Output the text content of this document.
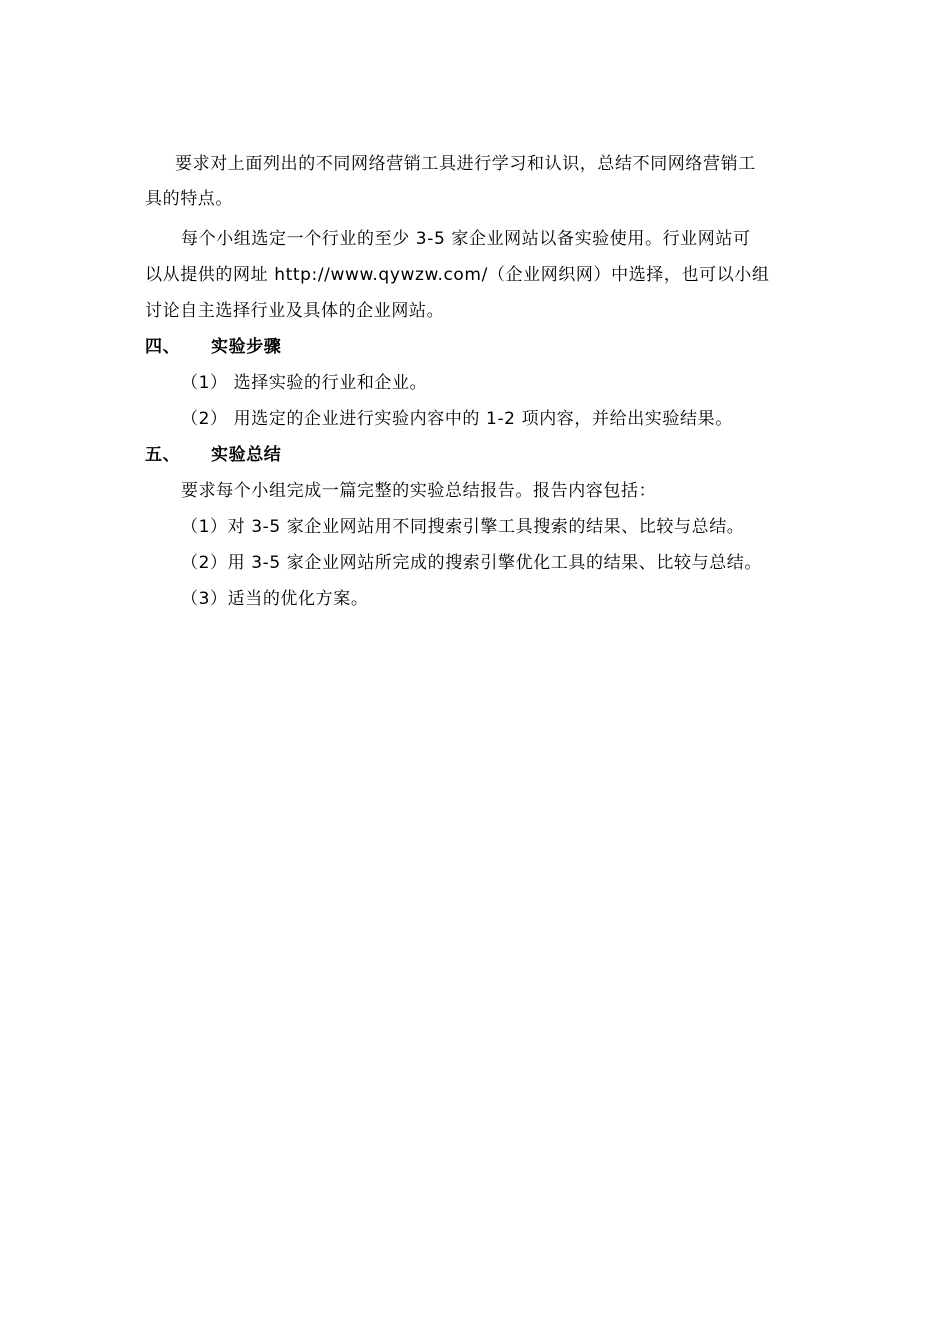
要求对上面列出的不同网络营销工具进行学习和认识，总结不同网络营销工
具的特点。
每个小组选定一个行业的至少 3-5 家企业网站以备实验使用。行业网站可
以从提供的网址 http://www.qywzw.com/（企业网织网）中选择，也可以小组
讨论自主选择行业及具体的企业网站。
四、 实验步骤
（1） 选择实验的行业和企业。
（2） 用选定的企业进行实验内容中的 1-2 项内容，并给出实验结果。
五、 实验总结
要求每个小组完成一篇完整的实验总结报告。报告内容包括：
（1）对 3-5 家企业网站用不同搜索引擎工具搜索的结果、比较与总结。
（2）用 3-5 家企业网站所完成的搜索引擎优化工具的结果、比较与总结。
（3）适当的优化方案。
